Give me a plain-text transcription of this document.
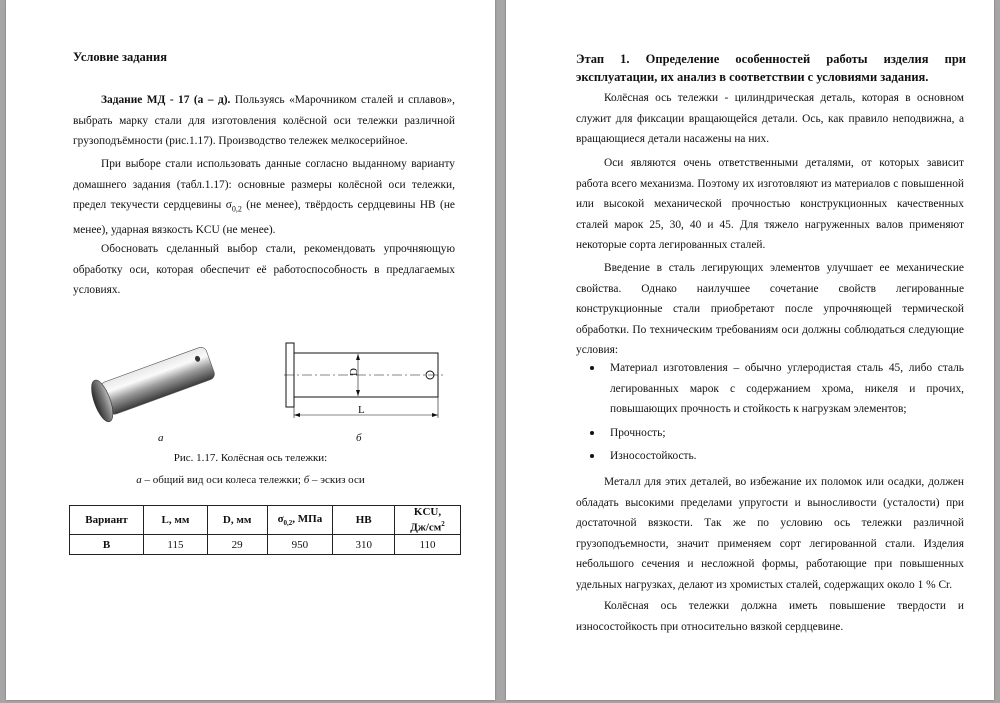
Условие задания

Задание МД - 17 (а – д). Пользуясь «Марочником сталей и сплавов», выбрать марку стали для изготовления колёсной оси тележки различной грузоподъёмности (рис.1.17). Производство тележек мелкосерийное.

При выборе стали использовать данные согласно выданному варианту домашнего задания (табл.1.17): основные размеры колёсной оси тележки, предел текучести сердцевины $\sigma_{0,2}$ (не менее), твёрдость сердцевины НВ (не менее), ударная вязкость KCU (не менее).

Обосновать сделанный выбор стали, рекомендовать упрочняющую обработку оси, которая обеспечит её работоспособность в предлагаемых условиях.

D
L
а	б

Рис. 1.17. Колёсная ось тележки:

а – общий вид оси колеса тележки; б – эскиз оси

Вариант	L, мм	D, мм	$\sigma_{0,2}$, МПа	НВ	KCU,
$Дж/см^2$
В	115	29	950	310	110
Этап 1. Определение особенностей работы изделия при эксплуатации, их анализ в соответствии с условиями задания.

Колёсная ось тележки - цилиндрическая деталь, которая в основном служит для фиксации вращающейся детали. Ось, как правило неподвижна, а вращающиеся детали насажены на них.

Оси являются очень ответственными деталями, от которых зависит работа всего механизма. Поэтому их изготовляют из материалов с повышенной или высокой механической прочностью конструкционных качественных сталей марок 25, 30, 40 и 45. Для тяжело нагруженных валов применяют некоторые сорта легированных сталей.

Введение в сталь легирующих элементов улучшает ее механические свойства. Однако наилучшее сочетание свойств легированные конструкционные стали приобретают после упрочняющей термической обработки. По техническим требованиям оси должны соблюдаться следующие условия:

Материал изготовления – обычно углеродистая сталь 45, либо сталь легированных марок с содержанием хрома, никеля и прочих, повышающих прочность и стойкость к нагрузкам элементов;
Прочность;
Износостойкость.

Металл для этих деталей, во избежание их поломок или осадки, должен обладать высокими пределами упругости и выносливости (усталости) при достаточной вязкости. Так же по условию ось тележки различной грузоподъемности, значит применяем сорт легированной стали. Изделия небольшого сечения и несложной формы, работающие при повышенных удельных нагрузках, делают из хромистых сталей, содержащих около 1 % Cr.

Колёсная ось тележки должна иметь повышение твердости и износостойкость при относительно вязкой сердцевине.
